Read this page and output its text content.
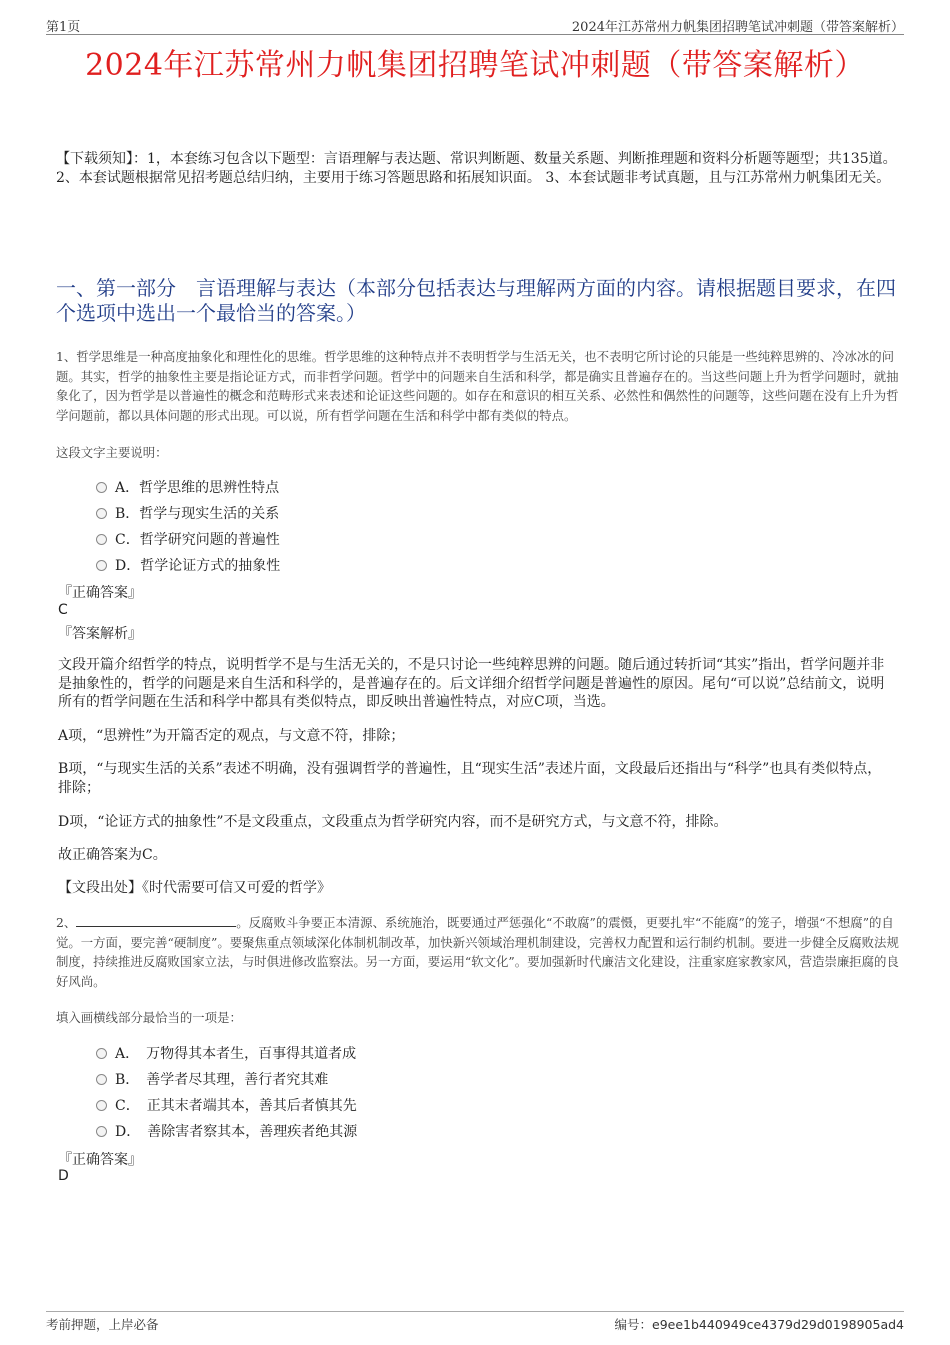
第1页	2024年江苏常州力帆集团招聘笔试冲刺题（带答案解析）
2024年江苏常州力帆集团招聘笔试冲刺题（带答案解析）
【下载须知】：1，本套练习包含以下题型：言语理解与表达题、常识判断题、数量关系题、判断推理题和资料分析题等题型；共135道。 2、本套试题根据常见招考题总结归纳，主要用于练习答题思路和拓展知识面。 3、本套试题非考试真题，且与江苏常州力帆集团无关。
一、第一部分　言语理解与表达（本部分包括表达与理解两方面的内容。请根据题目要求，在四个选项中选出一个最恰当的答案。）
1、哲学思维是一种高度抽象化和理性化的思维。哲学思维的这种特点并不表明哲学与生活无关，也不表明它所讨论的只能是一些纯粹思辨的、冷冰冰的问题。其实，哲学的抽象性主要是指论证方式，而非哲学问题。哲学中的问题来自生活和科学，都是确实且普遍存在的。当这些问题上升为哲学问题时，就抽象化了，因为哲学是以普遍性的概念和范畴形式来表述和论证这些问题的。如存在和意识的相互关系、必然性和偶然性的问题等，这些问题在没有上升为哲学问题前，都以具体问题的形式出现。可以说，所有哲学问题在生活和科学中都有类似的特点。
这段文字主要说明：
A．哲学思维的思辨性特点
B．哲学与现实生活的关系
C．哲学研究问题的普遍性
D．哲学论证方式的抽象性
『正确答案』
C
『答案解析』
文段开篇介绍哲学的特点，说明哲学不是与生活无关的，不是只讨论一些纯粹思辨的问题。随后通过转折词“其实”指出，哲学问题并非是抽象性的，哲学的问题是来自生活和科学的，是普遍存在的。后文详细介绍哲学问题是普遍性的原因。尾句“可以说”总结前文，说明所有的哲学问题在生活和科学中都具有类似特点，即反映出普遍性特点，对应C项，当选。
A项，“思辨性”为开篇否定的观点，与文意不符，排除；
B项，“与现实生活的关系”表述不明确，没有强调哲学的普遍性，且“现实生活”表述片面，文段最后还指出与“科学”也具有类似特点，排除；
D项，“论证方式的抽象性”不是文段重点，文段重点为哲学研究内容，而不是研究方式，与文意不符，排除。
故正确答案为C。
【文段出处】《时代需要可信又可爱的哲学》
2、	。反腐败斗争要正本清源、系统施治，既要通过严惩强化“不敢腐”的震慑，更要扎牢“不能腐”的笼子，增强“不想腐”的自觉。一方面，要完善“硬制度”。要聚焦重点领域深化体制机制改革，加快新兴领域治理机制建设，完善权力配置和运行制约机制。要进一步健全反腐败法规制度，持续推进反腐败国家立法，与时俱进修改监察法。另一方面，要运用“软文化”。要加强新时代廉洁文化建设，注重家庭家教家风，营造崇廉拒腐的良好风尚。
填入画横线部分最恰当的一项是：
A．　万物得其本者生，百事得其道者成
B．　善学者尽其理，善行者究其难
C．　正其末者端其本，善其后者慎其先
D．　善除害者察其本，善理疾者绝其源
『正确答案』
D
考前押题，上岸必备	编号：e9ee1b440949ce4379d29d0198905ad4
